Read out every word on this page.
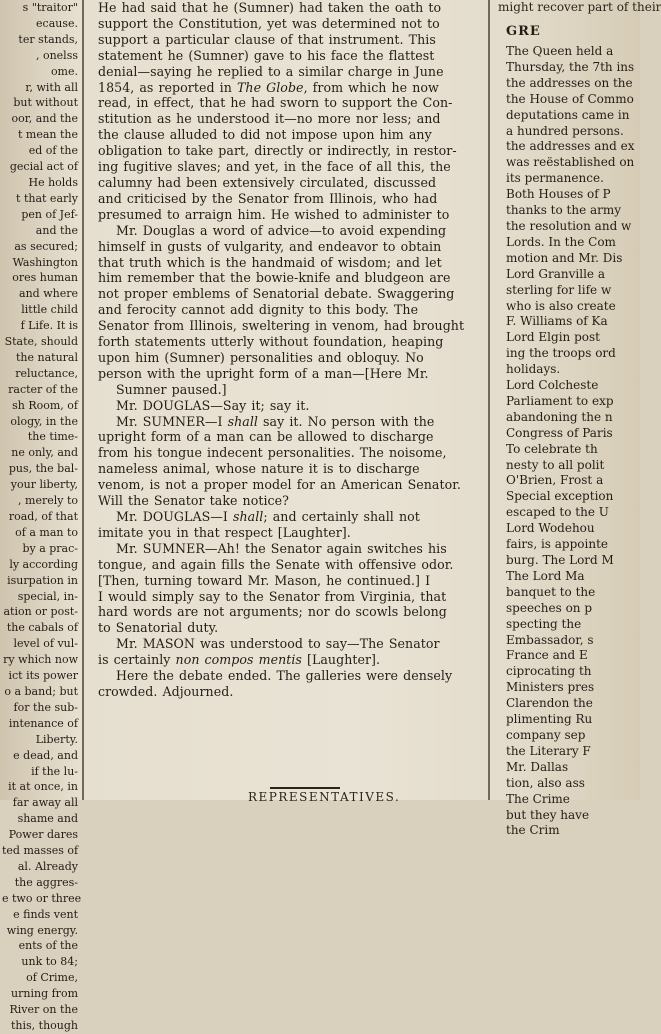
s "traitor"
ecause.
ter stands,
, onelss
ome.
r, with all
but without
oor, and the
t mean the
ed of the
gecial act of
He holds
t that early
pen of Jef-
and the
as secured;
Washington
ores human
and where
little child
f Life. It is
State, should
the natural
reluctance,
racter of the
sh Room, of
ology, in the
the time-
ne only, and
pus, the bal-
your liberty,
, merely to
road, of that
of a man to
by a prac-
ly according
isurpation in
special, in-
ation or post-
the cabals of
level of vul-
ry which now
ict its power
o a band; but
for the sub-
intenance of
Liberty.
e dead, and
if the lu-
it at once, in
far away all
shame and
Power dares
ted masses of
al. Already
the aggres-
e two or three
e finds vent
wing energy.
ents of the
unk to 84;
of Crime,
urning from
River on the
this, though
He had said that he (Sumner) had taken the oath to
support the Constitution, yet was determined not to
support a particular clause of that instrument. This
statement he (Sumner) gave to his face the flattest
denial—saying he replied to a similar charge in June
1854, as reported in The Globe, from which he now
read, in effect, that he had sworn to support the Con-
stitution as he understood it—no more nor less; and
the clause alluded to did not impose upon him any
obligation to take part, directly or indirectly, in restor-
ing fugitive slaves; and yet, in the face of all this, the
calumny had been extensively circulated, discussed
and criticised by the Senator from Illinois, who had
presumed to arraign him. He wished to administer to
Mr. Douglas a word of advice—to avoid expending
himself in gusts of vulgarity, and endeavor to obtain
that truth which is the handmaid of wisdom; and let
him remember that the bowie-knife and bludgeon are
not proper emblems of Senatorial debate. Swaggering
and ferocity cannot add dignity to this body. The
Senator from Illinois, sweltering in venom, had brought
forth statements utterly without foundation, heaping
upon him (Sumner) personalities and obloquy. No
person with the upright form of a man—[Here Mr.
Sumner paused.]
Mr. DOUGLAS—Say it; say it.
Mr. SUMNER—I shall say it. No person with the
upright form of a man can be allowed to discharge
from his tongue indecent personalities. The noisome,
nameless animal, whose nature it is to discharge
venom, is not a proper model for an American Senator.
Will the Senator take notice?
Mr. DOUGLAS—I shall; and certainly shall not
imitate you in that respect [Laughter].
Mr. SUMNER—Ah! the Senator again switches his
tongue, and again fills the Senate with offensive odor.
[Then, turning toward Mr. Mason, he continued.] I
I would simply say to the Senator from Virginia, that
hard words are not arguments; nor do scowls belong
to Senatorial duty.
Mr. MASON was understood to say—The Senator
is certainly non compos mentis [Laughter].
Here the debate ended. The galleries were densely
crowded. Adjourned.
might recover part of their
GRE
The Queen held a
Thursday, the 7th ins
the addresses on the
the House of Commo
deputations came in
a hundred persons.
the addresses and ex
was reëstablished on
its permanence.
Both Houses of P
thanks to the army
the resolution and w
Lords. In the Com
motion and Mr. Dis
Lord Granville a
sterling for life w
who is also create
F. Williams of Ka
Lord Elgin post
ing the troops ord
holidays.
Lord Colcheste
Parliament to exp
abandoning the n
Congress of Paris
To celebrate th
nesty to all polit
O'Brien, Frost a
Special exception
escaped to the U
Lord Wodehou
fairs, is appointe
burg. The Lord M
The Lord Ma
banquet to the
speeches on p
specting the
Embassador, s
France and E
ciprocating th
Ministers pres
Clarendon the
plimenting Ru
company sep
the Literary F
Mr. Dallas
tion, also ass
The Crime
but they have
the Crim
REPRESENTATIVES.
